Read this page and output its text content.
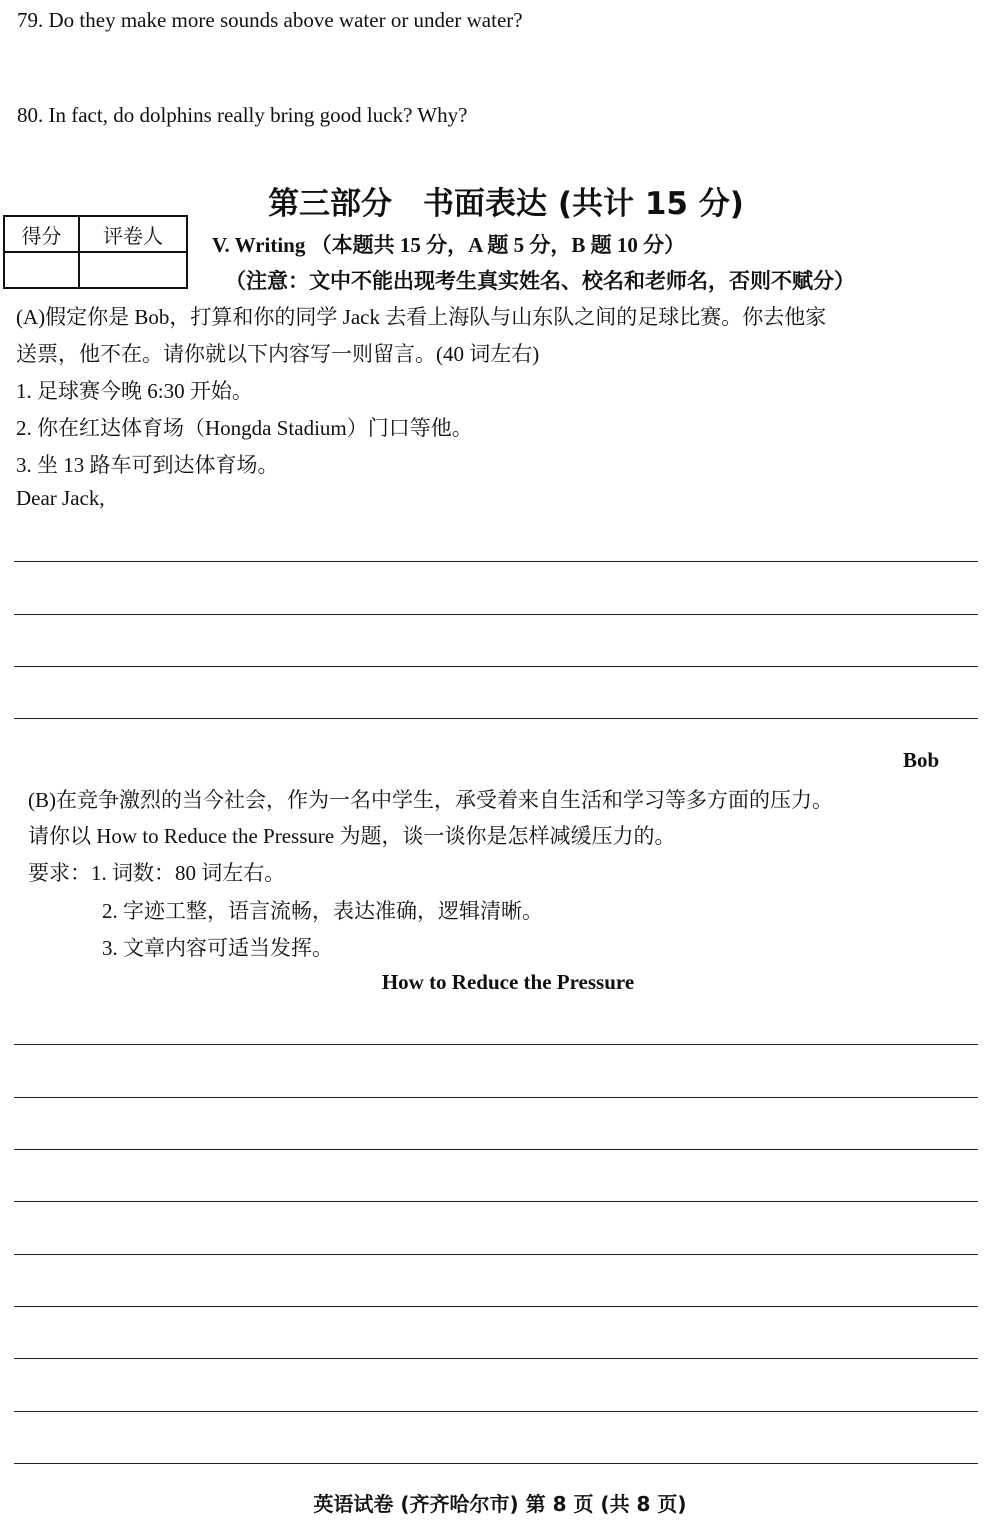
79. Do they make more sounds above water or under water?
80. In fact, do dolphins really bring good luck? Why?
第三部分　书面表达 (共计 15 分)
得分	评卷人
	V. Writing （本题共 15 分，A 题 5 分，B 题 10 分）
（注意：文中不能出现考生真实姓名、校名和老师名，否则不赋分）
(A)假定你是 Bob，打算和你的同学 Jack 去看上海队与山东队之间的足球比赛。你去他家
送票，他不在。请你就以下内容写一则留言。(40 词左右)
1. 足球赛今晚 6:30 开始。
2. 你在红达体育场（Hongda Stadium）门口等他。
3. 坐 13 路车可到达体育场。
Dear Jack,
Bob
(B)在竞争激烈的当今社会，作为一名中学生，承受着来自生活和学习等多方面的压力。
请你以 How to Reduce the Pressure 为题，谈一谈你是怎样减缓压力的。
要求：1. 词数：80 词左右。
2. 字迹工整，语言流畅，表达准确，逻辑清晰。
3. 文章内容可适当发挥。
How to Reduce the Pressure
英语试卷 (齐齐哈尔市) 第 8 页 (共 8 页)
